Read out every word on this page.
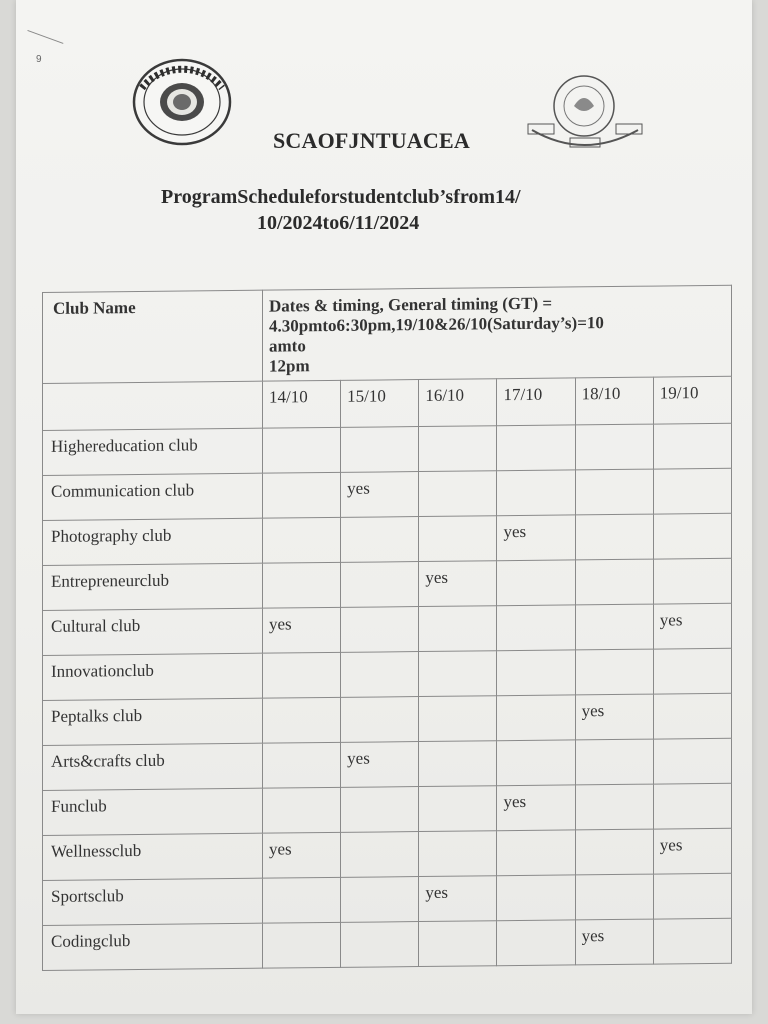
9
SCAOFJNTUACEA
ProgramScheduleforstudentclub’sfrom14/
10/2024to6/11/2024
Club Name	Dates & timing, General timing (GT) =
4.30pmto6:30pm,19/10&26/10(Saturday’s)=10
amto
12pm					

	14/10	15/10	16/10	17/10	18/10	19/10
Highereducation club						
Communication club		yes				
Photography club				yes		
Entrepreneurclub			yes			
Cultural club	yes					yes
Innovationclub						
Peptalks club					yes	
Arts&crafts club		yes				
Funclub				yes		
Wellnessclub	yes					yes
Sportsclub			yes			
Codingclub					yes	
